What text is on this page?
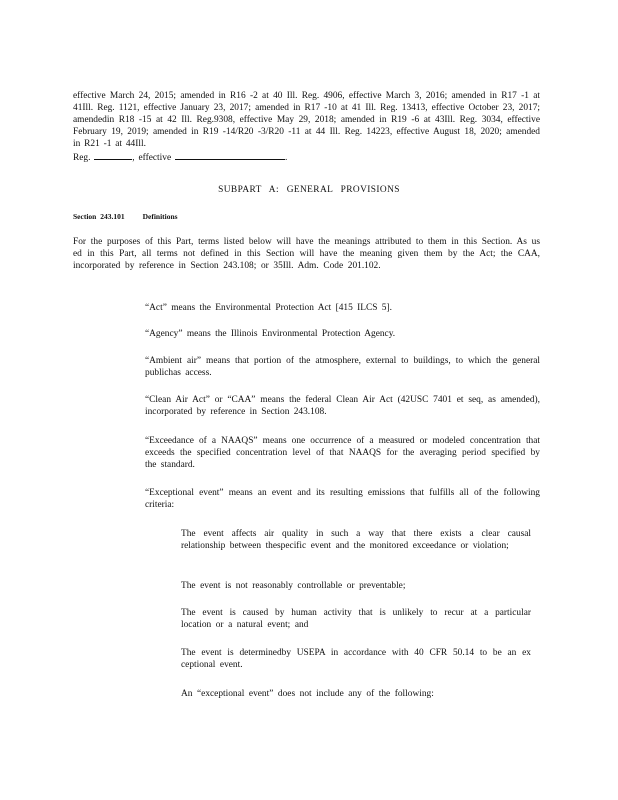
effective March 24, 2015; amended in R16 -2 at 40 Ill. Reg. 4906, effective March 3, 2016; amended in R17 -1 at 41Ill. Reg. 1121, effective January 23, 2017; amended in R17 -10 at 41 Ill. Reg. 13413, effective October 23, 2017; amendedin R18 -15 at 42 Ill. Reg.9308, effective May 29, 2018; amended in R19 -6 at 43Ill. Reg. 3034, effective February 19, 2019; amended in R19 -14/R20 -3/R20 -11 at 44 Ill. Reg. 14223, effective August 18, 2020; amended in R21 -1 at 44Ill.
Reg.	, effective	.
SUBPART A: GENERAL PROVISIONS
Section 243.101 Definitions
For the purposes of this Part, terms listed below will have the meanings attributed to them in this Section. As us ed in this Part, all terms not defined in this Section will have the meaning given them by the Act; the CAA, incorporated by reference in Section 243.108; or 35Ill. Adm. Code 201.102.
“Act” means the Environmental Protection Act [415 ILCS 5].
“Agency” means the Illinois Environmental Protection Agency.
“Ambient air” means that portion of the atmosphere, external to buildings, to which the general publichas access.
“Clean Air Act” or “CAA” means the federal Clean Air Act (42USC 7401 et seq, as amended), incorporated by reference in Section 243.108.
“Exceedance of a NAAQS” means one occurrence of a measured or modeled concentration that exceeds the specified concentration level of that NAAQS for the averaging period specified by the standard.
“Exceptional event” means an event and its resulting emissions that fulfills all of the following criteria:
The event affects air quality in such a way that there exists a clear causal relationship between thespecific event and the monitored exceedance or violation;
The event is not reasonably controllable or preventable;
The event is caused by human activity that is unlikely to recur at a particular location or a natural event; and
The event is determinedby USEPA in accordance with 40 CFR 50.14 to be an ex ceptional event.
An “exceptional event” does not include any of the following:
